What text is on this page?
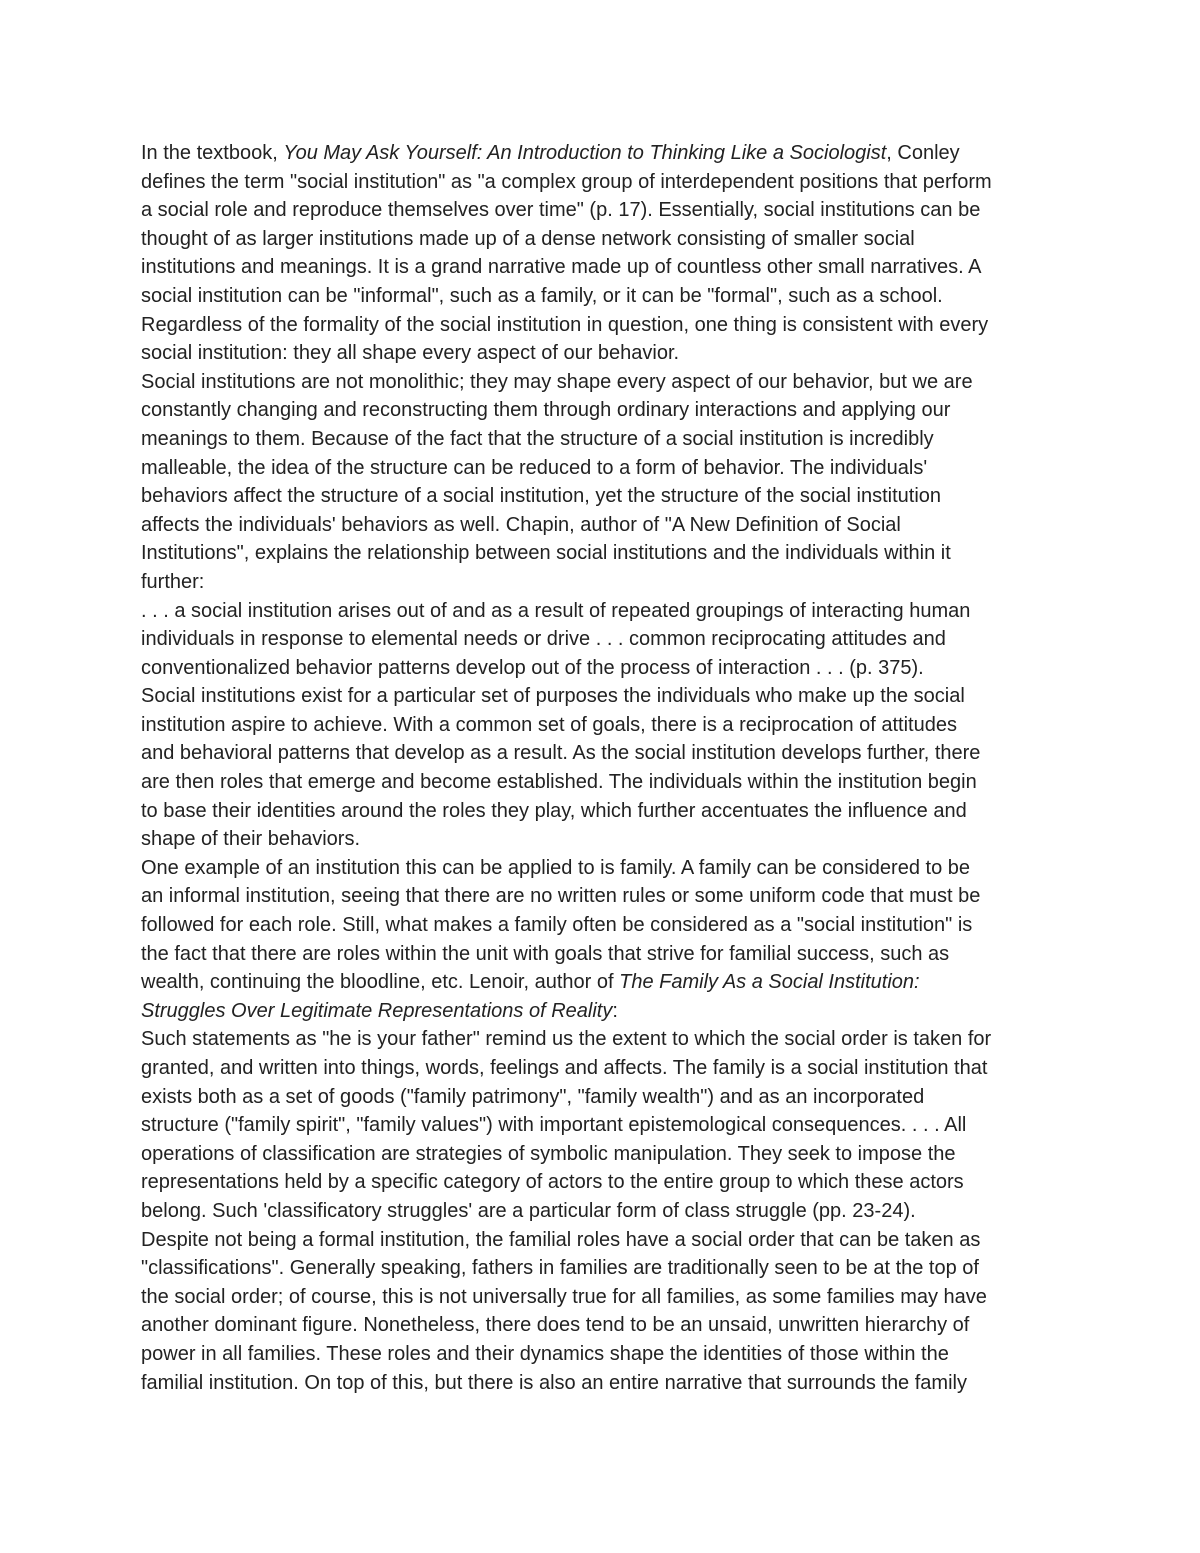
In the textbook, You May Ask Yourself: An Introduction to Thinking Like a Sociologist, Conley
defines the term "social institution" as "a complex group of interdependent positions that perform
a social role and reproduce themselves over time" (p. 17). Essentially, social institutions can be
thought of as larger institutions made up of a dense network consisting of smaller social
institutions and meanings. It is a grand narrative made up of countless other small narratives. A
social institution can be "informal", such as a family, or it can be "formal", such as a school.
Regardless of the formality of the social institution in question, one thing is consistent with every
social institution: they all shape every aspect of our behavior.

Social institutions are not monolithic; they may shape every aspect of our behavior, but we are
constantly changing and reconstructing them through ordinary interactions and applying our
meanings to them. Because of the fact that the structure of a social institution is incredibly
malleable, the idea of the structure can be reduced to a form of behavior. The individuals'
behaviors affect the structure of a social institution, yet the structure of the social institution
affects the individuals' behaviors as well. Chapin, author of "A New Definition of Social
Institutions", explains the relationship between social institutions and the individuals within it
further:

. . . a social institution arises out of and as a result of repeated groupings of interacting human
individuals in response to elemental needs or drive . . . common reciprocating attitudes and
conventionalized behavior patterns develop out of the process of interaction . . . (p. 375).

Social institutions exist for a particular set of purposes the individuals who make up the social
institution aspire to achieve. With a common set of goals, there is a reciprocation of attitudes
and behavioral patterns that develop as a result. As the social institution develops further, there
are then roles that emerge and become established. The individuals within the institution begin
to base their identities around the roles they play, which further accentuates the influence and
shape of their behaviors.

One example of an institution this can be applied to is family. A family can be considered to be
an informal institution, seeing that there are no written rules or some uniform code that must be
followed for each role. Still, what makes a family often be considered as a "social institution" is
the fact that there are roles within the unit with goals that strive for familial success, such as
wealth, continuing the bloodline, etc. Lenoir, author of The Family As a Social Institution:
Struggles Over Legitimate Representations of Reality:

Such statements as "he is your father" remind us the extent to which the social order is taken for
granted, and written into things, words, feelings and affects. The family is a social institution that
exists both as a set of goods ("family patrimony", "family wealth") and as an incorporated
structure ("family spirit", "family values") with important epistemological consequences. . . . All
operations of classification are strategies of symbolic manipulation. They seek to impose the
representations held by a specific category of actors to the entire group to which these actors
belong. Such 'classificatory struggles' are a particular form of class struggle (pp. 23-24).

Despite not being a formal institution, the familial roles have a social order that can be taken as
"classifications". Generally speaking, fathers in families are traditionally seen to be at the top of
the social order; of course, this is not universally true for all families, as some families may have
another dominant figure. Nonetheless, there does tend to be an unsaid, unwritten hierarchy of
power in all families. These roles and their dynamics shape the identities of those within the
familial institution. On top of this, but there is also an entire narrative that surrounds the family
